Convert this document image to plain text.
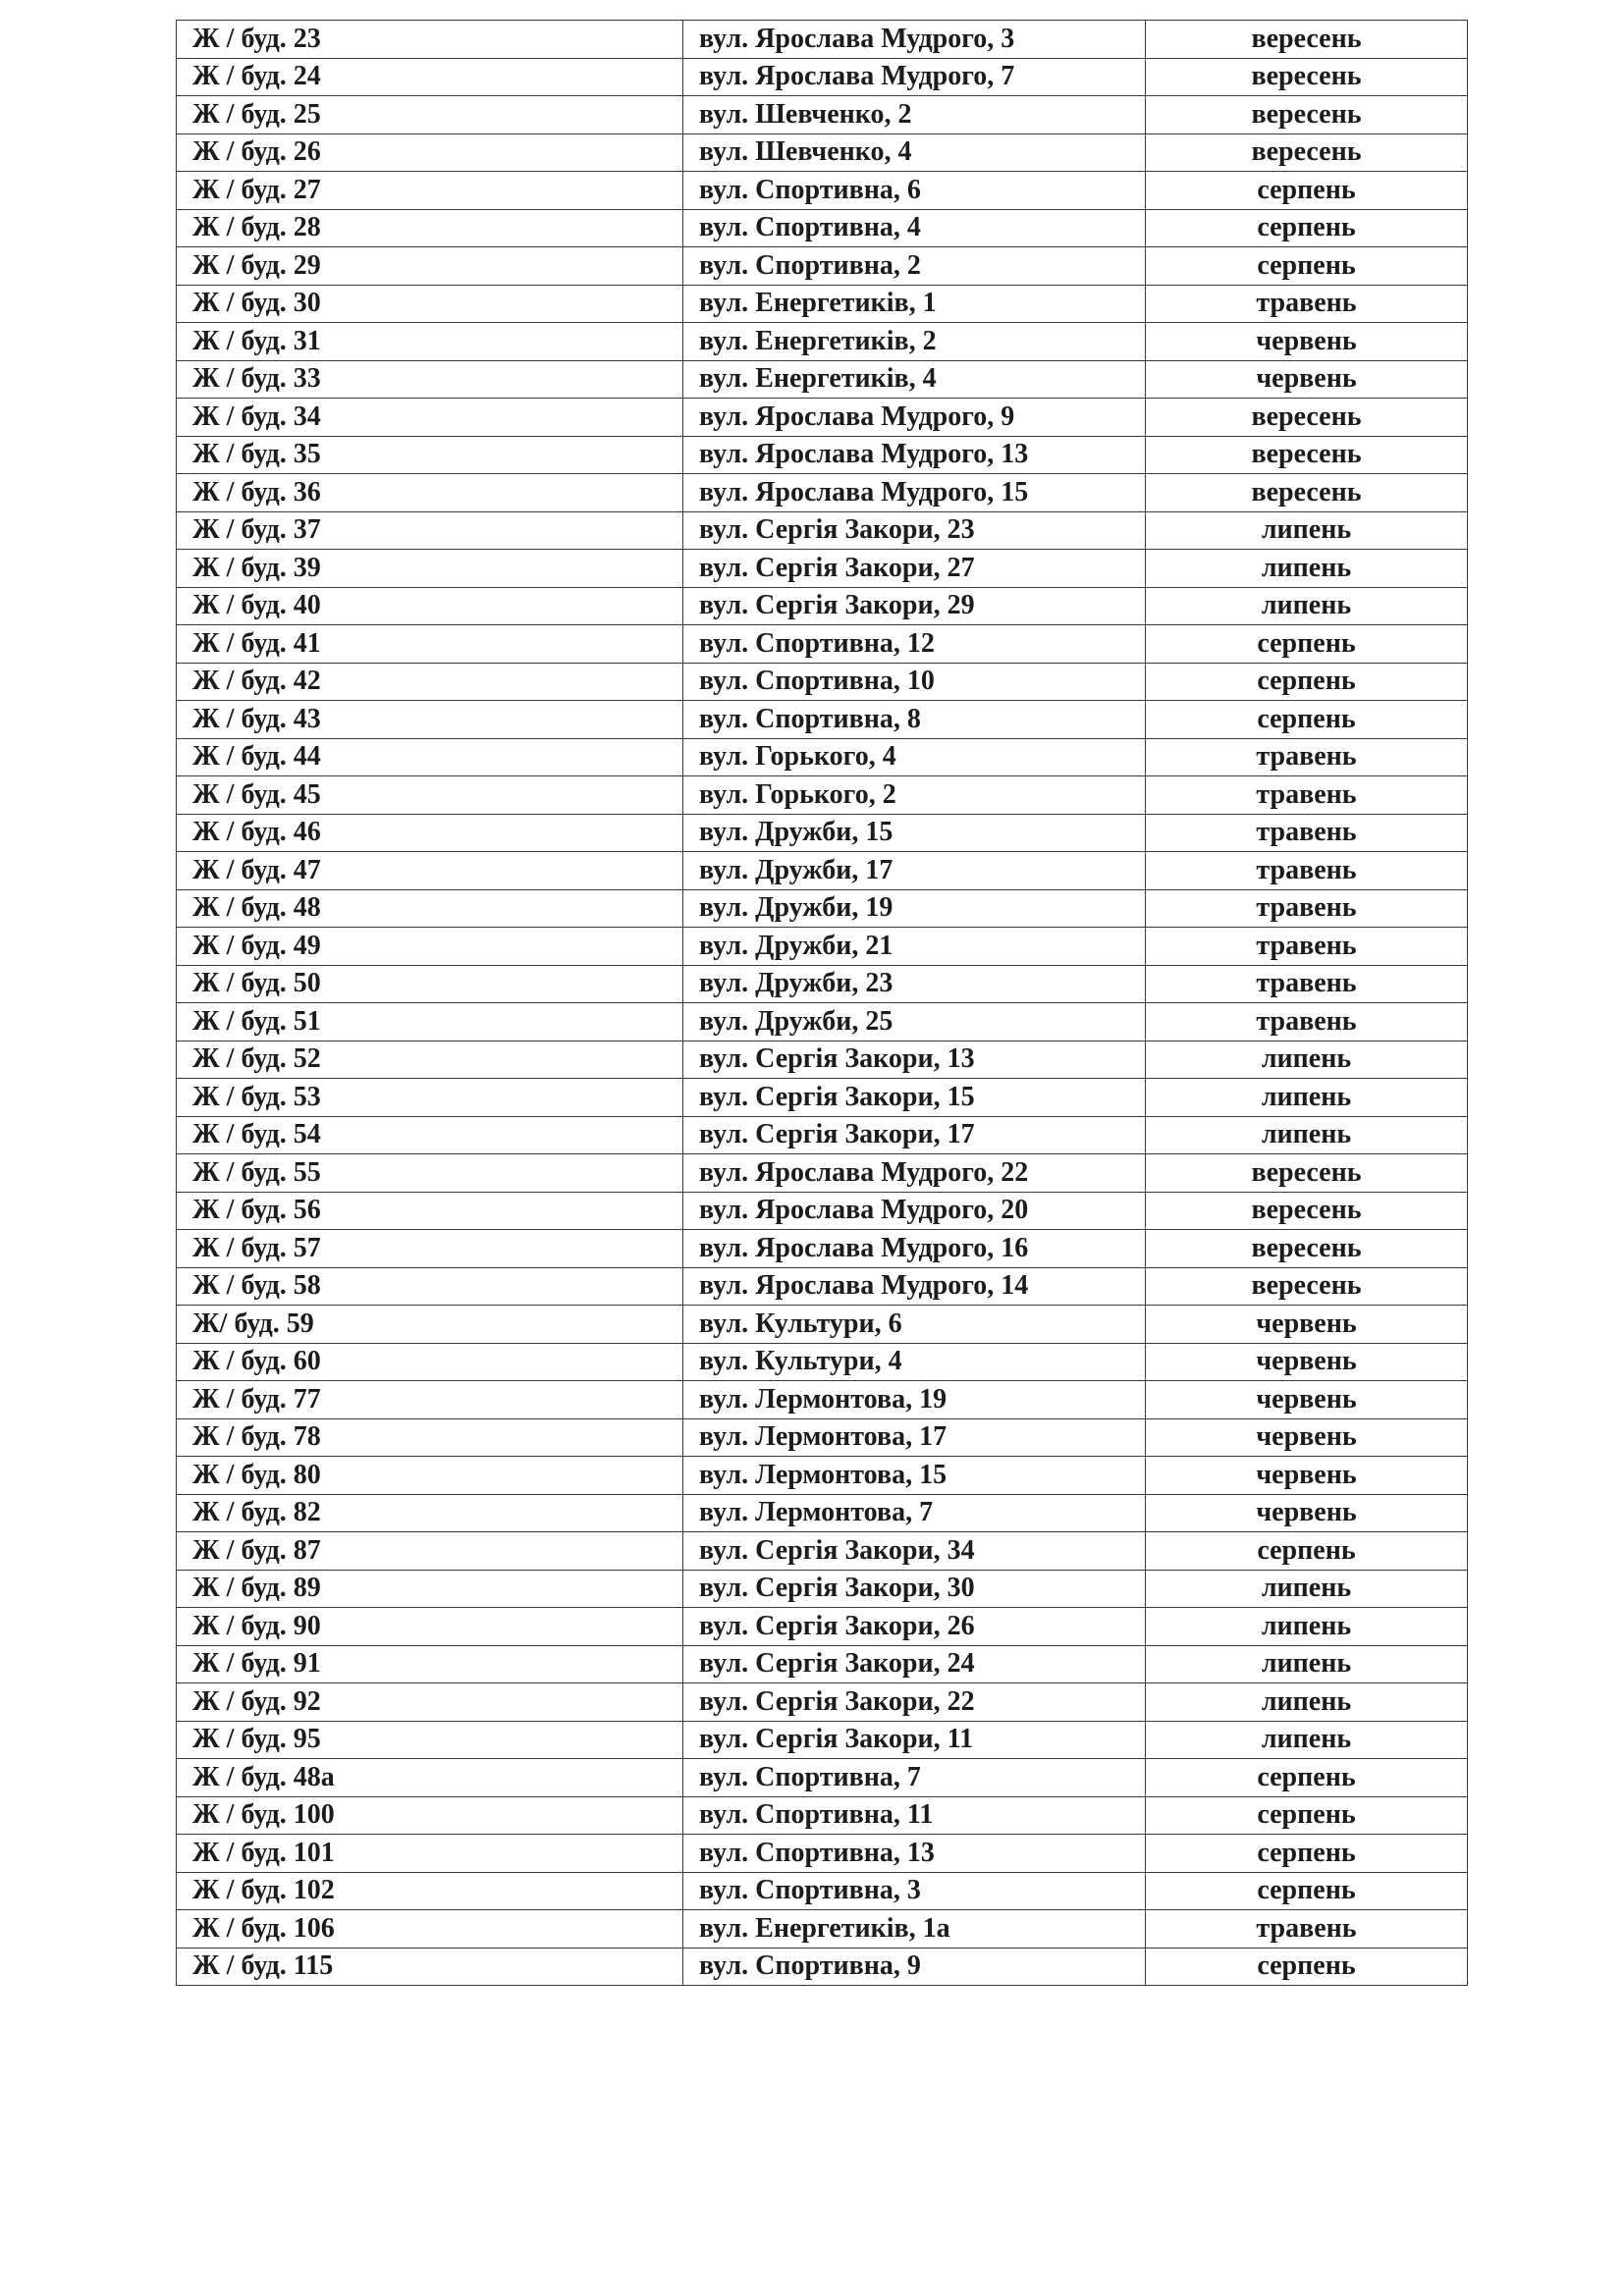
Ж / буд. 23	вул. Ярослава Мудрого, 3	вересень
Ж / буд. 24	вул. Ярослава Мудрого, 7	вересень
Ж / буд. 25	вул. Шевченко, 2	вересень
Ж / буд. 26	вул. Шевченко, 4	вересень
Ж / буд. 27	вул. Спортивна, 6	серпень
Ж / буд. 28	вул. Спортивна, 4	серпень
Ж / буд. 29	вул. Спортивна, 2	серпень
Ж / буд. 30	вул. Енергетиків, 1	травень
Ж / буд. 31	вул. Енергетиків, 2	червень
Ж / буд. 33	вул. Енергетиків, 4	червень
Ж / буд. 34	вул. Ярослава Мудрого, 9	вересень
Ж / буд. 35	вул. Ярослава Мудрого, 13	вересень
Ж / буд. 36	вул. Ярослава Мудрого, 15	вересень
Ж / буд. 37	вул. Сергія Закори, 23	липень
Ж / буд. 39	вул. Сергія Закори, 27	липень
Ж / буд. 40	вул. Сергія Закори, 29	липень
Ж / буд. 41	вул. Спортивна, 12	серпень
Ж / буд. 42	вул. Спортивна, 10	серпень
Ж / буд. 43	вул. Спортивна, 8	серпень
Ж / буд. 44	вул. Горького, 4	травень
Ж / буд. 45	вул. Горького, 2	травень
Ж / буд. 46	вул. Дружби, 15	травень
Ж / буд. 47	вул. Дружби, 17	травень
Ж / буд. 48	вул. Дружби, 19	травень
Ж / буд. 49	вул. Дружби, 21	травень
Ж / буд. 50	вул. Дружби, 23	травень
Ж / буд. 51	вул. Дружби, 25	травень
Ж / буд. 52	вул. Сергія Закори, 13	липень
Ж / буд. 53	вул. Сергія Закори, 15	липень
Ж / буд. 54	вул. Сергія Закори, 17	липень
Ж / буд. 55	вул. Ярослава Мудрого, 22	вересень
Ж / буд. 56	вул. Ярослава Мудрого, 20	вересень
Ж / буд. 57	вул. Ярослава Мудрого, 16	вересень
Ж / буд. 58	вул. Ярослава Мудрого, 14	вересень
Ж/ буд. 59	вул. Культури, 6	червень
Ж / буд. 60	вул. Культури, 4	червень
Ж / буд. 77	вул. Лермонтова, 19	червень
Ж / буд. 78	вул. Лермонтова, 17	червень
Ж / буд. 80	вул. Лермонтова, 15	червень
Ж / буд. 82	вул. Лермонтова, 7	червень
Ж / буд. 87	вул. Сергія Закори, 34	серпень
Ж / буд. 89	вул. Сергія Закори, 30	липень
Ж / буд. 90	вул. Сергія Закори, 26	липень
Ж / буд. 91	вул. Сергія Закори, 24	липень
Ж / буд. 92	вул. Сергія Закори, 22	липень
Ж / буд. 95	вул. Сергія Закори, 11	липень
Ж / буд. 48а	вул. Спортивна, 7	серпень
Ж / буд. 100	вул. Спортивна, 11	серпень
Ж / буд. 101	вул. Спортивна, 13	серпень
Ж / буд. 102	вул. Спортивна, 3	серпень
Ж / буд. 106	вул. Енергетиків, 1а	травень
Ж / буд. 115	вул. Спортивна, 9	серпень
